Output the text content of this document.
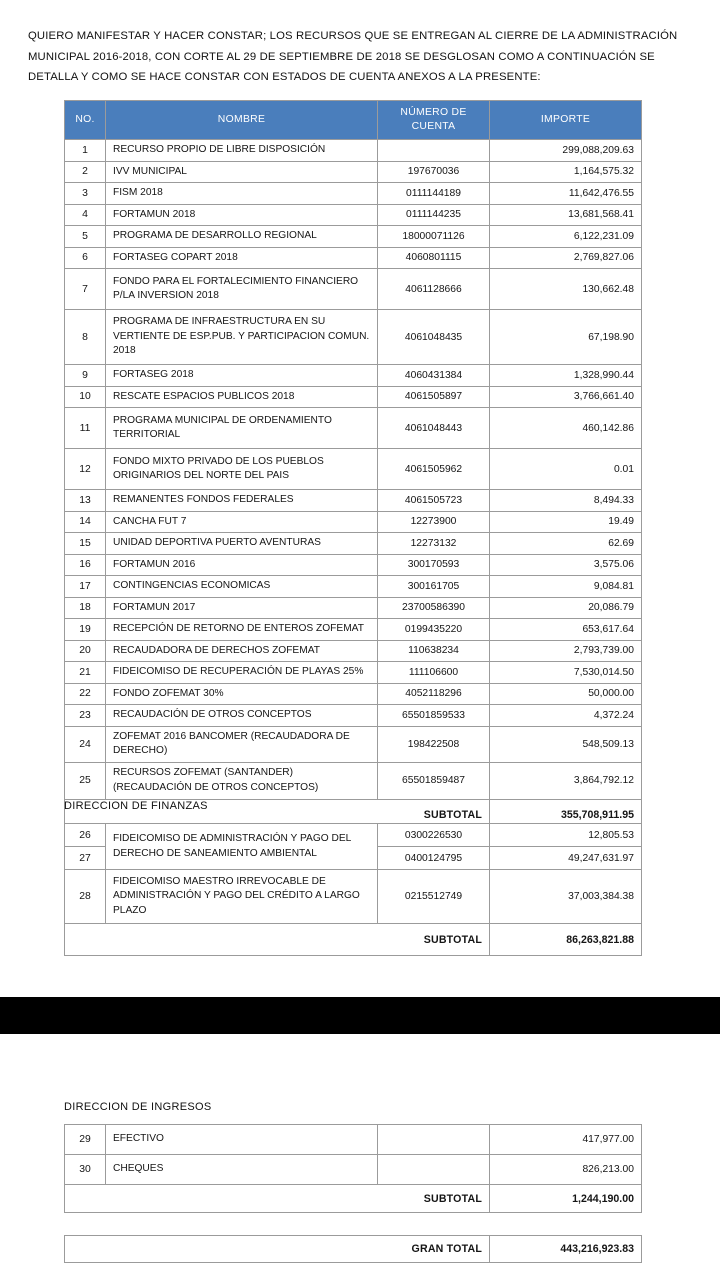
QUIERO MANIFESTAR Y HACER CONSTAR; LOS RECURSOS QUE SE ENTREGAN AL CIERRE DE LA ADMINISTRACIÓN MUNICIPAL 2016-2018, CON CORTE AL 29 DE SEPTIEMBRE DE 2018 SE DESGLOSAN COMO A CONTINUACIÓN SE DETALLA Y COMO SE HACE CONSTAR CON ESTADOS DE CUENTA ANEXOS A LA PRESENTE:

NO.	NOMBRE	NÚMERO DE CUENTA	IMPORTE
1	RECURSO PROPIO DE LIBRE DISPOSICIÓN		299,088,209.63
2	IVV MUNICIPAL	197670036	1,164,575.32
3	FISM 2018	0111144189	11,642,476.55
4	FORTAMUN 2018	0111144235	13,681,568.41
5	PROGRAMA DE DESARROLLO REGIONAL	18000071126	6,122,231.09
6	FORTASEG COPART 2018	4060801115	2,769,827.06
7	FONDO PARA EL FORTALECIMIENTO FINANCIERO P/LA INVERSION 2018	4061128666	130,662.48
8	PROGRAMA DE INFRAESTRUCTURA EN SU VERTIENTE DE ESP.PUB. Y PARTICIPACION COMUN. 2018	4061048435	67,198.90
9	FORTASEG 2018	4060431384	1,328,990.44
10	RESCATE ESPACIOS PUBLICOS 2018	4061505897	3,766,661.40
11	PROGRAMA MUNICIPAL DE ORDENAMIENTO TERRITORIAL	4061048443	460,142.86
12	FONDO MIXTO PRIVADO DE LOS PUEBLOS ORIGINARIOS DEL NORTE DEL PAIS	4061505962	0.01
13	REMANENTES FONDOS FEDERALES	4061505723	8,494.33
14	CANCHA FUT 7	12273900	19.49
15	UNIDAD DEPORTIVA PUERTO AVENTURAS	12273132	62.69
16	FORTAMUN 2016	300170593	3,575.06
17	CONTINGENCIAS ECONOMICAS	300161705	9,084.81
18	FORTAMUN 2017	23700586390	20,086.79
19	RECEPCIÓN DE RETORNO DE ENTEROS ZOFEMAT	0199435220	653,617.64
20	RECAUDADORA DE DERECHOS ZOFEMAT	110638234	2,793,739.00
21	FIDEICOMISO DE RECUPERACIÓN DE PLAYAS 25%	111106600	7,530,014.50
22	FONDO ZOFEMAT 30%	4052118296	50,000.00
23	RECAUDACIÓN DE OTROS CONCEPTOS	65501859533	4,372.24
24	ZOFEMAT 2016 BANCOMER (RECAUDADORA DE DERECHO)	198422508	548,509.13
25	RECURSOS ZOFEMAT (SANTANDER) (RECAUDACIÓN DE OTROS CONCEPTOS)	65501859487	3,864,792.12
		SUBTOTAL	355,708,911.95
DIRECCION DE FINANZAS
26	FIDEICOMISO DE ADMINISTRACIÓN Y PAGO DEL DERECHO DE SANEAMIENTO AMBIENTAL	0300226530	12,805.53
27		0400124795	49,247,631.97
28	FIDEICOMISO MAESTRO IRREVOCABLE DE ADMINISTRACIÓN Y PAGO DEL CRÉDITO A LARGO PLAZO	0215512749	37,003,384.38
		SUBTOTAL	86,263,821.88
DIRECCION DE INGRESOS
29	EFECTIVO		417,977.00
30	CHEQUES		826,213.00
		SUBTOTAL	1,244,190.00
	GRAN TOTAL	443,216,923.83
